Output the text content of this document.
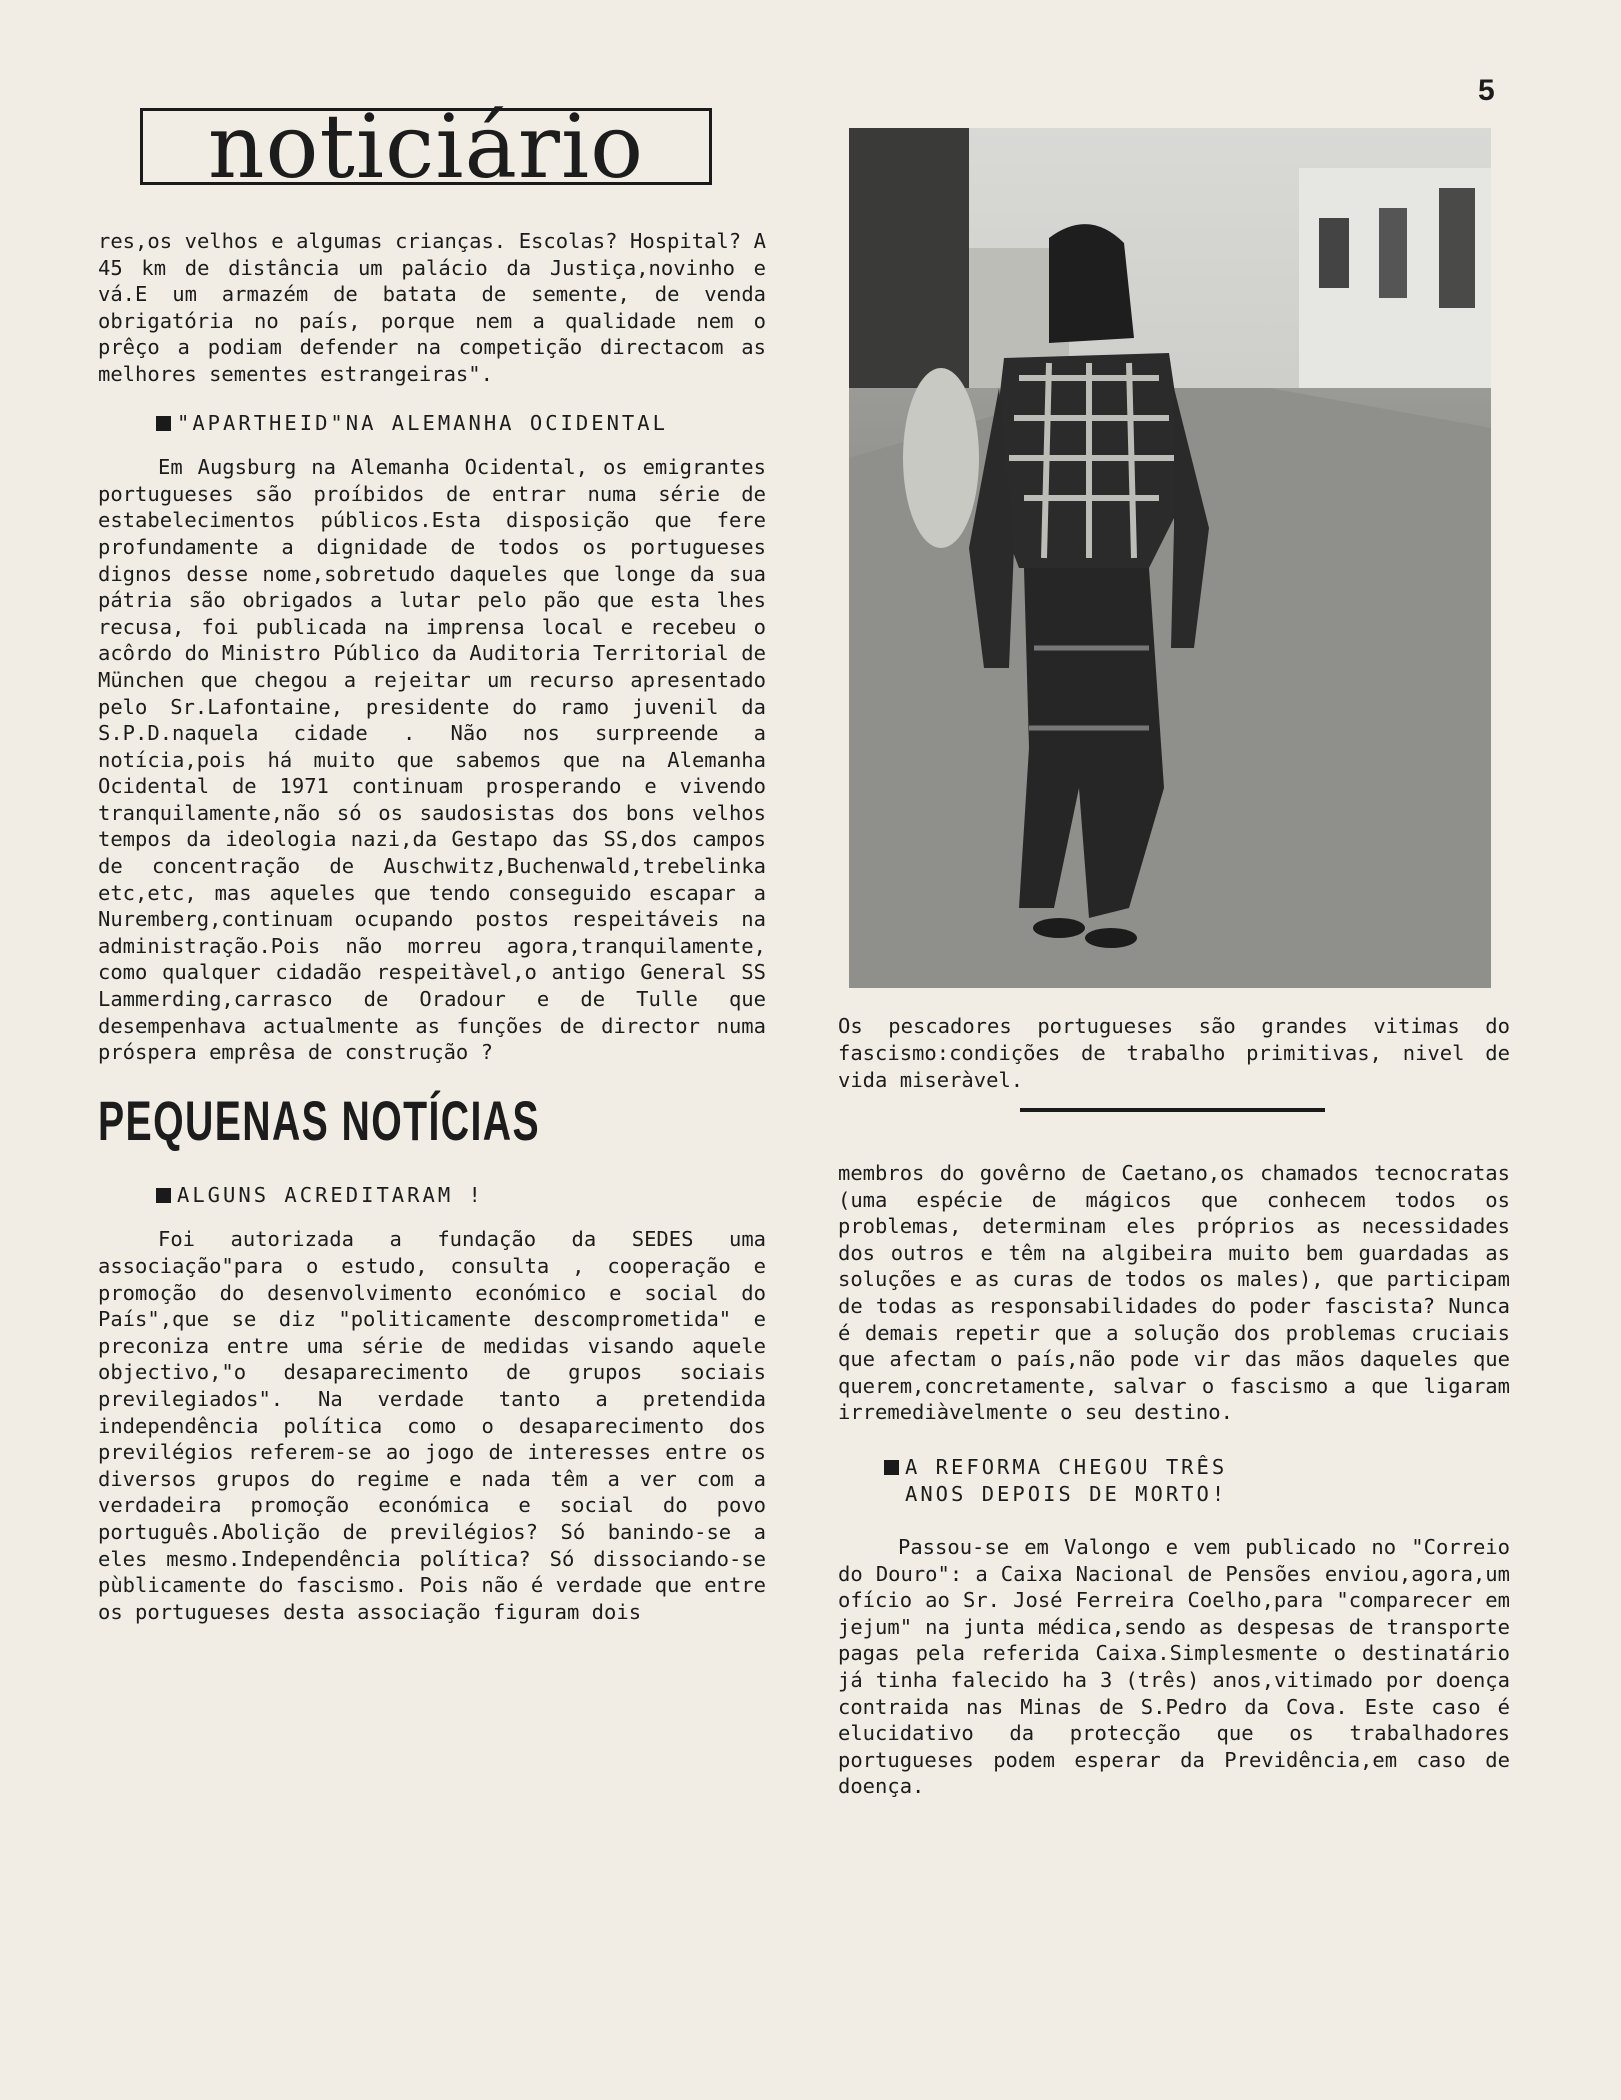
5
noticiário

res,os velhos e algumas crianças. Escolas? Hospital? A 45 km de distância um palácio da Justiça,novinho e vá.E um armazém de batata de semente, de venda obrigatória no país, porque nem a qualidade nem o prêço a podiam defender na competição directacom as melhores sementes estrangeiras".

"APARTHEID"NA ALEMANHA OCIDENTAL

Em Augsburg na Alemanha Ocidental, os emigrantes portugueses são proíbidos de entrar numa série de estabelecimentos públicos.Esta disposição que fere profundamente a dignidade de todos os portugueses dignos desse nome,sobretudo daqueles que longe da sua pátria são obrigados a lutar pelo pão que esta lhes recusa, foi publicada na imprensa local e recebeu o acôrdo do Ministro Público da Auditoria Territorial de München que chegou a rejeitar um recurso apresentado pelo Sr.Lafontaine, presidente do ramo juvenil da S.P.D.naquela cidade . Não nos surpreende a notícia,pois há muito que sabemos que na Alemanha Ocidental de 1971 continuam prosperando e vivendo tranquilamente,não só os saudosistas dos bons velhos tempos da ideologia nazi,da Gestapo das SS,dos campos de concentração de Auschwitz,Buchenwald,trebelinka etc,etc, mas aqueles que tendo conseguido escapar a Nuremberg,continuam ocupando postos respeitáveis na administração.Pois não morreu agora,tranquilamente, como qualquer cidadão respeitàvel,o antigo General SS Lammerding,carrasco de Oradour e de Tulle que desempenhava actualmente as funções de director numa próspera emprêsa de construção ?

PEQUENAS NOTÍCIAS
ALGUNS ACREDITARAM !

Foi autorizada a fundação da SEDES uma associação"para o estudo, consulta , cooperação e promoção do desenvolvimento económico e social do País",que se diz "politicamente descomprometida" e preconiza entre uma série de medidas visando aquele objectivo,"o desaparecimento de grupos sociais previlegiados". Na verdade tanto a pretendida independência política como o desaparecimento dos previlégios referem-se ao jogo de interesses entre os diversos grupos do regime e nada têm a ver com a verdadeira promoção económica e social do povo português.Abolição de previlégios? Só banindo-se a eles mesmo.Independência política? Só dissociando-se pùblicamente do fascismo. Pois não é verdade que entre os portugueses desta associação figuram dois

Os pescadores portugueses são grandes vitimas do fascismo:condições de trabalho primitivas, nivel de vida miseràvel.

membros do govêrno de Caetano,os chamados tecnocratas (uma espécie de mágicos que conhecem todos os problemas, determinam eles próprios as necessidades dos outros e têm na algibeira muito bem guardadas as soluções e as curas de todos os males), que participam de todas as responsabilidades do poder fascista? Nunca é demais repetir que a solução dos problemas cruciais que afectam o país,não pode vir das mãos daqueles que querem,concretamente, salvar o fascismo a que ligaram irremediàvelmente o seu destino.

A REFORMA CHEGOU TRÊS
ANOS DEPOIS DE MORTO!

Passou-se em Valongo e vem publicado no "Correio do Douro": a Caixa Nacional de Pensões enviou,agora,um ofício ao Sr. José Ferreira Coelho,para "comparecer em jejum" na junta médica,sendo as despesas de transporte pagas pela referida Caixa.Simplesmente o destinatário já tinha falecido ha 3 (três) anos,vitimado por doença contraida nas Minas de S.Pedro da Cova. Este caso é elucidativo da protecção que os trabalhadores portugueses podem esperar da Previdência,em caso de doença.
